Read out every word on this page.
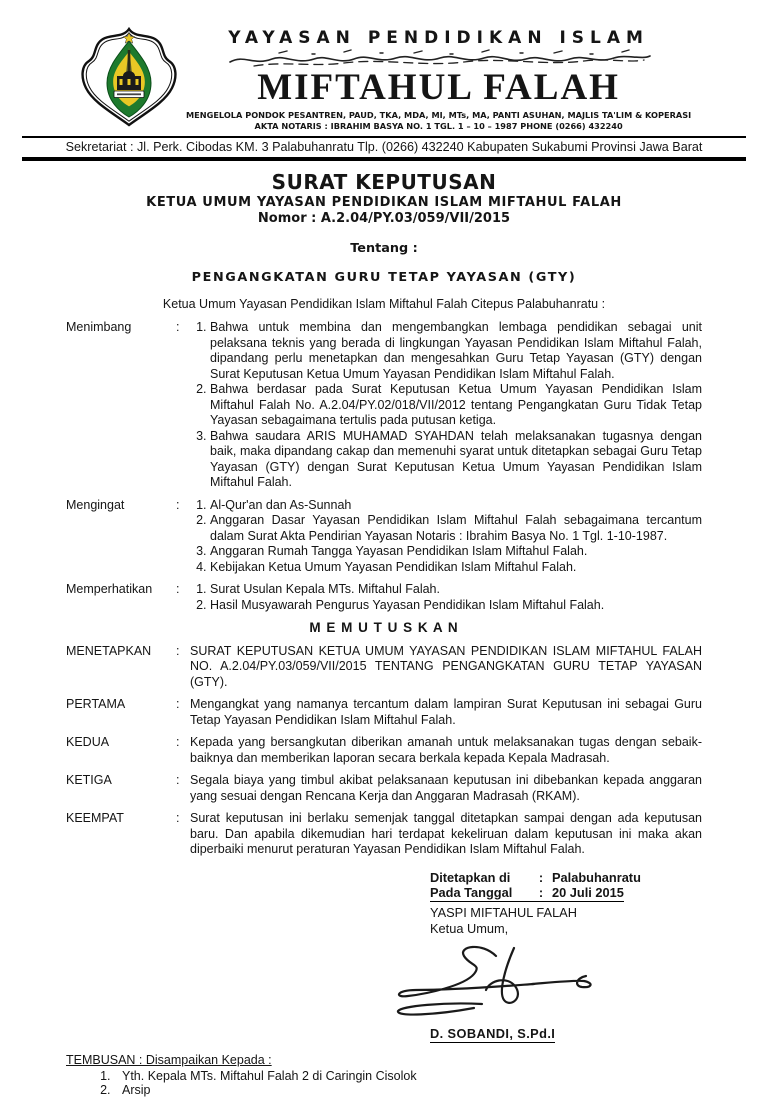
YAYASAN PENDIDIKAN ISLAM
MIFTAHUL FALAH
MENGELOLA PONDOK PESANTREN, PAUD, TKA, MDA, MI, MTs, MA, PANTI ASUHAN, MAJLIS TA'LIM & KOPERASI
AKTA NOTARIS : IBRAHIM BASYA NO. 1 TGL. 1 – 10 – 1987 PHONE (0266) 432240
Sekretariat : Jl. Perk. Cibodas KM. 3 Palabuhanratu Tlp. (0266) 432240 Kabupaten Sukabumi Provinsi Jawa Barat
SURAT KEPUTUSAN
KETUA UMUM YAYASAN PENDIDIKAN ISLAM MIFTAHUL FALAH
Nomor : A.2.04/PY.03/059/VII/2015
Tentang :
PENGANGKATAN GURU TETAP YAYASAN (GTY)
Ketua Umum Yayasan Pendidikan Islam Miftahul Falah Citepus Palabuhanratu :
Menimbang	:	1. Bahwa untuk membina dan mengembangkan lembaga pendidikan sebagai unit pelaksana teknis yang berada di lingkungan Yayasan Pendidikan Islam Miftahul Falah, dipandang perlu menetapkan dan mengesahkan Guru Tetap Yayasan (GTY) dengan Surat Keputusan Ketua Umum Yayasan Pendidikan Islam Miftahul Falah.
2. Bahwa berdasar pada Surat Keputusan Ketua Umum Yayasan Pendidikan Islam Miftahul Falah No. A.2.04/PY.02/018/VII/2012 tentang Pengangkatan Guru Tidak Tetap Yayasan sebagaimana tertulis pada putusan ketiga.
3. Bahwa saudara ARIS MUHAMAD SYAHDAN telah melaksanakan tugasnya dengan baik, maka dipandang cakap dan memenuhi syarat untuk ditetapkan sebagai Guru Tetap Yayasan (GTY) dengan Surat Keputusan Ketua Umum Yayasan Pendidikan Islam Miftahul Falah.
Mengingat	:	1. Al-Qur'an dan As-Sunnah
2. Anggaran Dasar Yayasan Pendidikan Islam Miftahul Falah sebagaimana tercantum dalam Surat Akta Pendirian Yayasan Notaris : Ibrahim Basya No. 1 Tgl. 1-10-1987.
3. Anggaran Rumah Tangga Yayasan Pendidikan Islam Miftahul Falah.
4. Kebijakan Ketua Umum Yayasan Pendidikan Islam Miftahul Falah.
Memperhatikan	:	1. Surat Usulan Kepala MTs. Miftahul Falah.
2. Hasil Musyawarah Pengurus Yayasan Pendidikan Islam Miftahul Falah.
M E M U T U S K A N
MENETAPKAN	: SURAT KEPUTUSAN KETUA UMUM YAYASAN PENDIDIKAN ISLAM MIFTAHUL FALAH NO. A.2.04/PY.03/059/VII/2015 TENTANG PENGANGKATAN GURU TETAP YAYASAN (GTY).
PERTAMA	: Mengangkat yang namanya tercantum dalam lampiran Surat Keputusan ini sebagai Guru Tetap Yayasan Pendidikan Islam Miftahul Falah.
KEDUA	: Kepada yang bersangkutan diberikan amanah untuk melaksanakan tugas dengan sebaik-baiknya dan memberikan laporan secara berkala kepada Kepala Madrasah.
KETIGA	: Segala biaya yang timbul akibat pelaksanaan keputusan ini dibebankan kepada anggaran yang sesuai dengan Rencana Kerja dan Anggaran Madrasah (RKAM).
KEEMPAT	: Surat keputusan ini berlaku semenjak tanggal ditetapkan sampai dengan ada keputusan baru. Dan apabila dikemudian hari terdapat kekeliruan dalam keputusan ini maka akan diperbaiki menurut peraturan Yayasan Pendidikan Islam Miftahul Falah.
Ditetapkan di : Palabuhanratu
Pada Tanggal : 20 Juli 2015
YASPI MIFTAHUL FALAH
Ketua Umum,
D. SOBANDI, S.Pd.I
TEMBUSAN : Disampaikan Kepada :
1. Yth. Kepala MTs. Miftahul Falah 2 di Caringin Cisolok
2. Arsip
